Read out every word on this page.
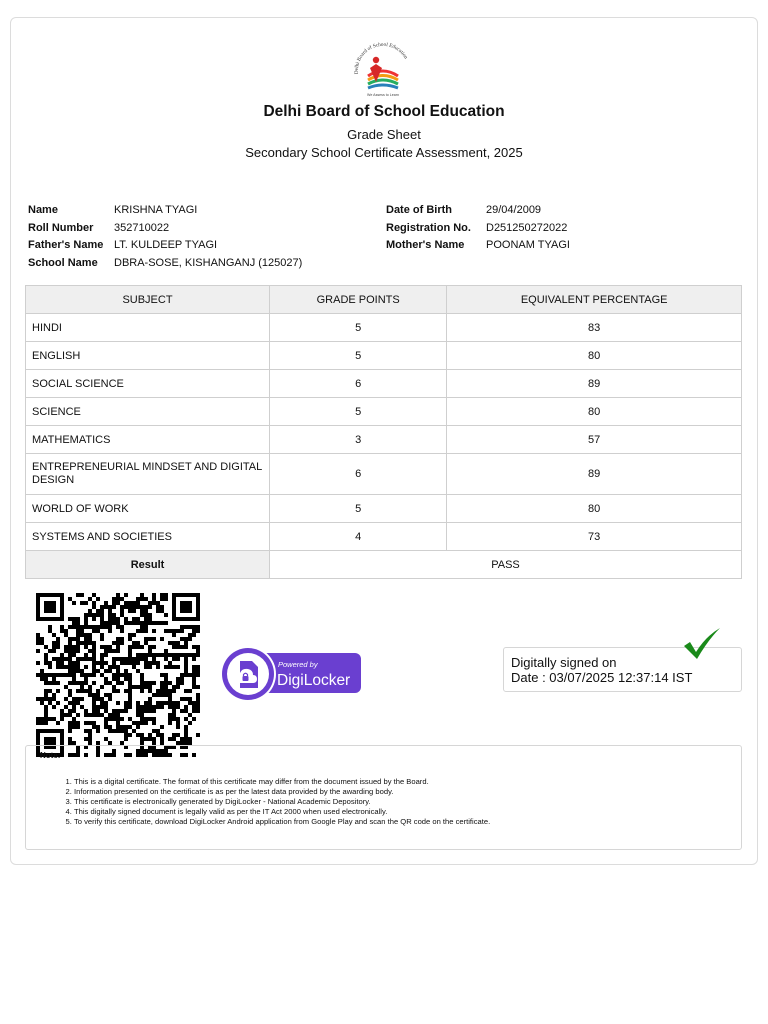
Delhi Board of School Education
We Assess to Learn
Delhi Board of School Education
Grade Sheet
Secondary School Certificate Assessment, 2025
Name	KRISHNA TYAGI
Roll Number 352710022
Father's Name LT. KULDEEP TYAGI
School Name DBRA-SOSE, KISHANGANJ (125027)
Date of Birth	29/04/2009
Registration No. D251250272022
Mother's Name POONAM TYAGI
SUBJECT	GRADE POINTS	EQUIVALENT PERCENTAGE
HINDI	5	83
ENGLISH	5	80
SOCIAL SCIENCE	6	89
SCIENCE	5	80
MATHEMATICS	3	57
ENTREPRENEURIAL MINDSET AND DIGITAL DESIGN	6	89
WORLD OF WORK	5	80
SYSTEMS AND SOCIETIES	4	73
Result	PASS	
Powered by
DigiLocker
Digitally signed on
Date : 03/07/2025 12:37:14 IST
Note:
1. This is a digital certificate. The format of this certificate may differ from the document issued by the Board.
2. Information presented on the certificate is as per the latest data provided by the awarding body.
3. This certificate is electronically generated by DigiLocker - National Academic Depository.
4. This digitally signed document is legally valid as per the IT Act 2000 when used electronically.
5. To verify this certificate, download DigiLocker Android application from Google Play and scan the QR code on the certificate.
